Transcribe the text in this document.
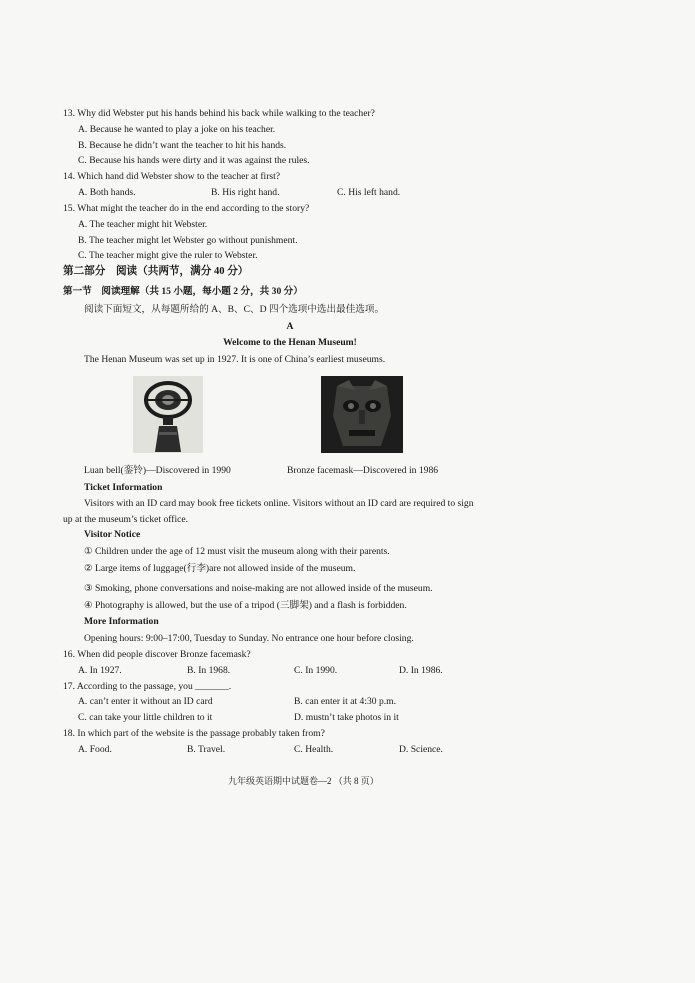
13. Why did Webster put his hands behind his back while walking to the teacher?
A. Because he wanted to play a joke on his teacher.
B. Because he didn’t want the teacher to hit his hands.
C. Because his hands were dirty and it was against the rules.
14. Which hand did Webster show to the teacher at first?
A. Both hands.	B. His right hand.	C. His left hand.
15. What might the teacher do in the end according to the story?
A. The teacher might hit Webster.
B. The teacher might let Webster go without punishment.
C. The teacher might give the ruler to Webster.
第二部分　阅读（共两节，满分 40 分）
第一节　阅读理解（共 15 小题，每小题 2 分，共 30 分）
阅读下面短文，从每题所给的 A、B、C、D 四个选项中选出最佳选项。
A
Welcome to the Henan Museum!
The Henan Museum was set up in 1927. It is one of China’s earliest museums.
Luan bell(銮铃)—Discovered in 1990	Bronze facemask—Discovered in 1986
Ticket Information
Visitors with an ID card may book free tickets online. Visitors without an ID card are required to sign
up at the museum’s ticket office.
Visitor Notice
① Children under the age of 12 must visit the museum along with their parents.
② Large items of luggage(行李)are not allowed inside of the museum.
③ Smoking, phone conversations and noise-making are not allowed inside of the museum.
④ Photography is allowed, but the use of a tripod (三脚架) and a flash is forbidden.
More Information
Opening hours: 9:00–17:00, Tuesday to Sunday. No entrance one hour before closing.
16. When did people discover Bronze facemask?
A. In 1927.	B. In 1968.	C. In 1990.	D. In 1986.
17. According to the passage, you _______.
A. can’t enter it without an ID card	B. can enter it at 4:30 p.m.
C. can take your little children to it	D. mustn’t take photos in it
18. In which part of the website is the passage probably taken from?
A. Food.	B. Travel.	C. Health.	D. Science.
九年级英语期中试题卷—2 （共 8 页）
